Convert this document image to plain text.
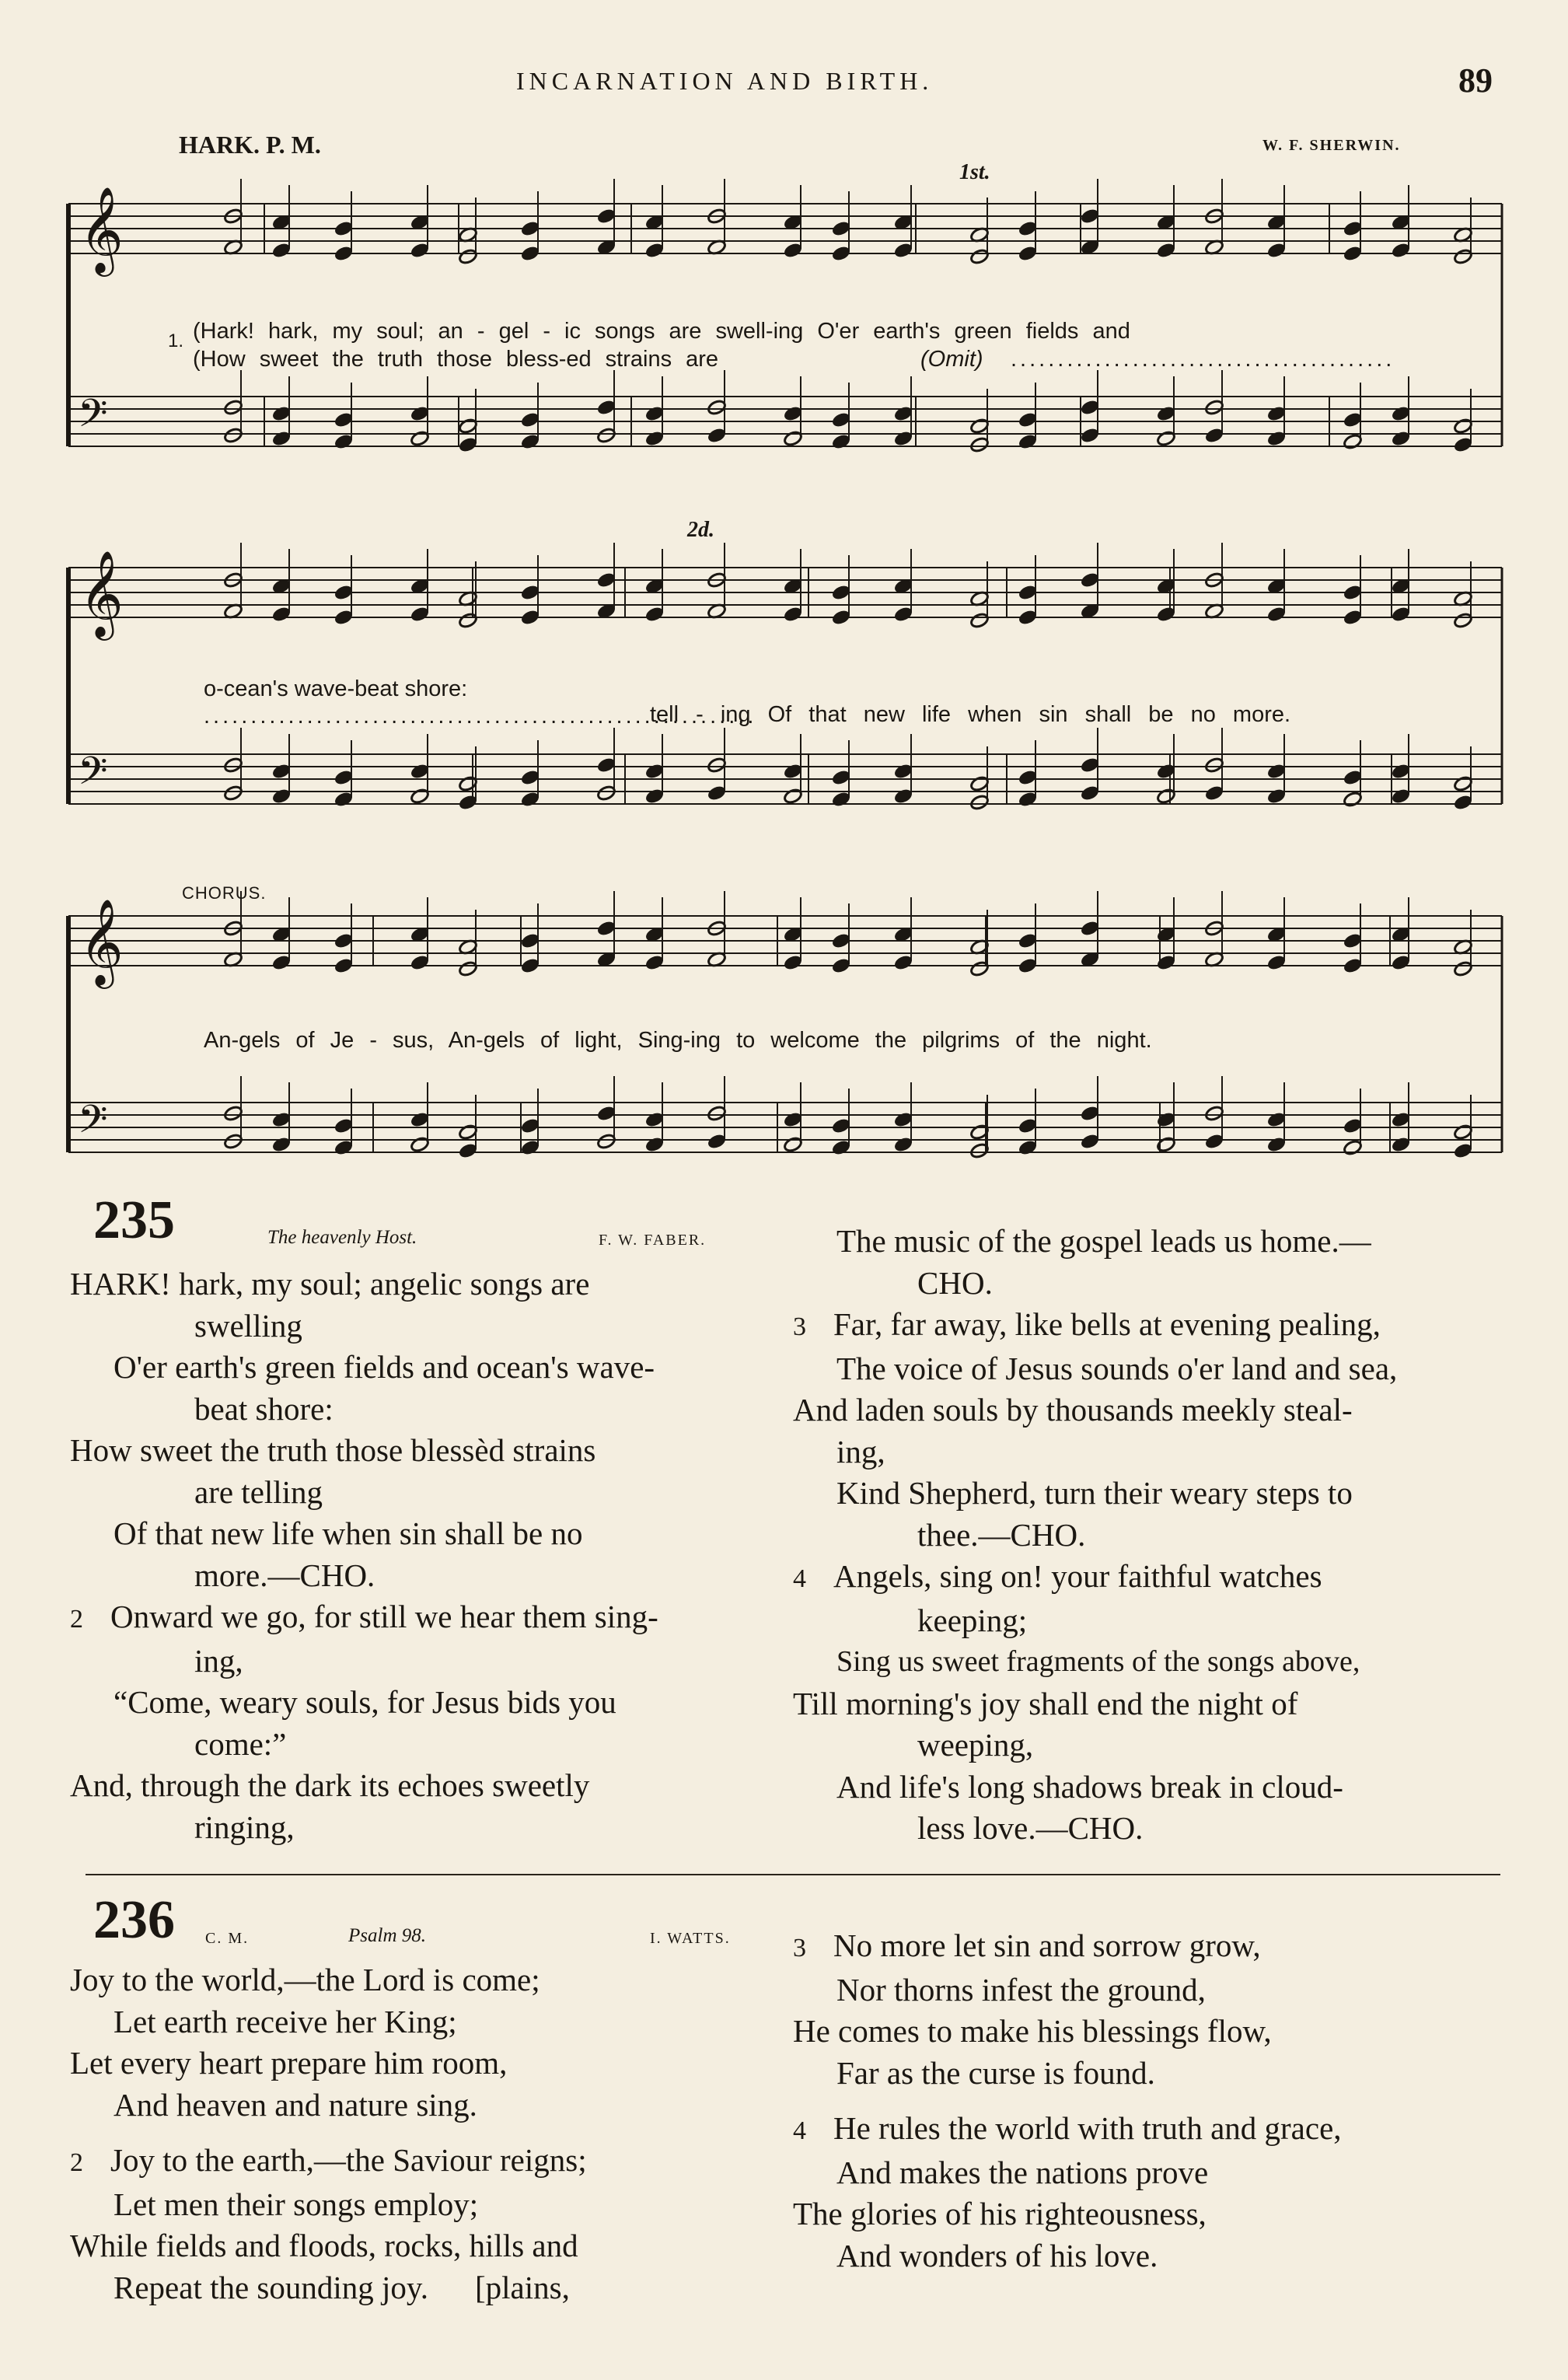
INCARNATION AND BIRTH.	89
HARK. P. M.	W. F. SHERWIN.
𝄞
𝄢
𝄞
𝄢
𝄞
𝄢
1st.
1. (Hark! hark, my soul; an - gel - ic songs are swell-ing O'er earth's green fields and
(How sweet the truth those bless-ed strains are	(Omit) .........................................
2d.
o-cean's wave-beat shore:
...........................................................
tell - ing Of that new life when sin shall be no more.
CHORUS.
An-gels of Je - sus, An-gels of light, Sing-ing to welcome the pilgrims of the night.
235	The heavenly Host.	F. W. FABER.
HARK! hark, my soul; angelic songs are
swelling
O'er earth's green fields and ocean's wave-
beat shore:
How sweet the truth those blessèd strains
are telling
Of that new life when sin shall be no
more.—CHO.
2 Onward we go, for still we hear them sing-
ing,
“Come, weary souls, for Jesus bids you
come:”
And, through the dark its echoes sweetly
ringing,
The music of the gospel leads us home.—
CHO.
3 Far, far away, like bells at evening pealing,
The voice of Jesus sounds o'er land and sea,
And laden souls by thousands meekly steal-
ing,
Kind Shepherd, turn their weary steps to
thee.—CHO.
4 Angels, sing on! your faithful watches
keeping;
Sing us sweet fragments of the songs above,
Till morning's joy shall end the night of
weeping,
And life's long shadows break in cloud-
less love.—CHO.
236 C. M.	Psalm 98.	I. WATTS.
Joy to the world,—the Lord is come;
Let earth receive her King;
Let every heart prepare him room,
And heaven and nature sing.
2 Joy to the earth,—the Saviour reigns;
Let men their songs employ;
While fields and floods, rocks, hills and
Repeat the sounding joy. [plains,
3 No more let sin and sorrow grow,
Nor thorns infest the ground,
He comes to make his blessings flow,
Far as the curse is found.
4 He rules the world with truth and grace,
And makes the nations prove
The glories of his righteousness,
And wonders of his love.
